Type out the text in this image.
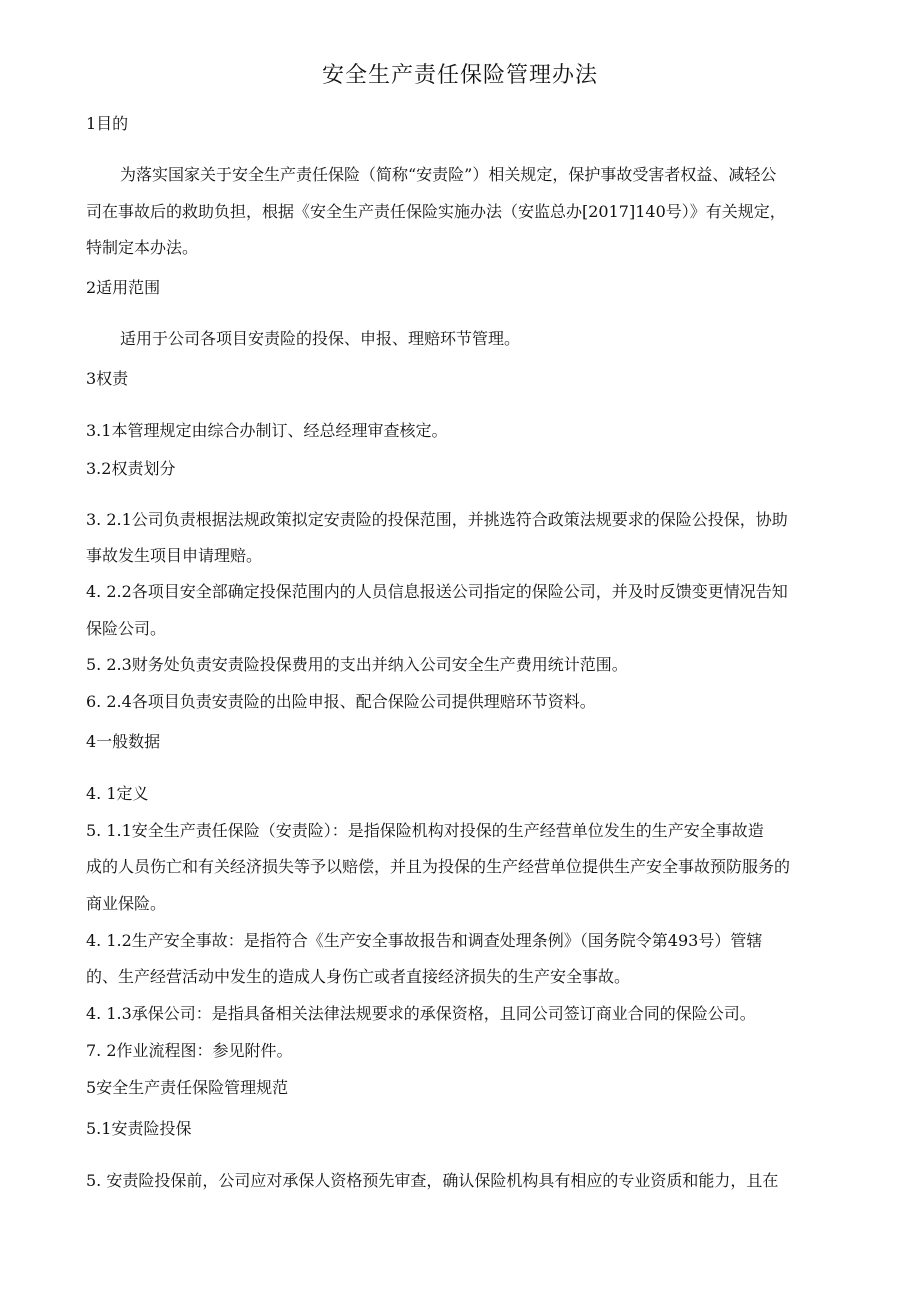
安全生产责任保险管理办法
1目的
为落实国家关于安全生产责任保险（简称“安责险”）相关规定，保护事故受害者权益、减轻公
司在事故后的救助负担，根据《安全生产责任保险实施办法（安监总办[2017]140号）》有关规定，
特制定本办法。
2适用范围
适用于公司各项目安责险的投保、申报、理赔环节管理。
3权责
3.1本管理规定由综合办制订、经总经理审查核定。
3.2权责划分
3. 2.1公司负责根据法规政策拟定安责险的投保范围，并挑选符合政策法规要求的保险公投保，协助
事故发生项目申请理赔。
4. 2.2各项目安全部确定投保范围内的人员信息报送公司指定的保险公司，并及时反馈变更情况告知
保险公司。
5. 2.3财务处负责安责险投保费用的支出并纳入公司安全生产费用统计范围。
6. 2.4各项目负责安责险的出险申报、配合保险公司提供理赔环节资料。
4一般数据
4. 1定义
5. 1.1安全生产责任保险（安责险）：是指保险机构对投保的生产经营单位发生的生产安全事故造
成的人员伤亡和有关经济损失等予以赔偿，并且为投保的生产经营单位提供生产安全事故预防服务的
商业保险。
4. 1.2生产安全事故：是指符合《生产安全事故报告和调查处理条例》（国务院令第493号）管辖
的、生产经营活动中发生的造成人身伤亡或者直接经济损失的生产安全事故。
4. 1.3承保公司：是指具备相关法律法规要求的承保资格，且同公司签订商业合同的保险公司。
7. 2作业流程图：参见附件。
5安全生产责任保险管理规范
5.1安责险投保
5. 安责险投保前，公司应对承保人资格预先审查，确认保险机构具有相应的专业资质和能力，且在
